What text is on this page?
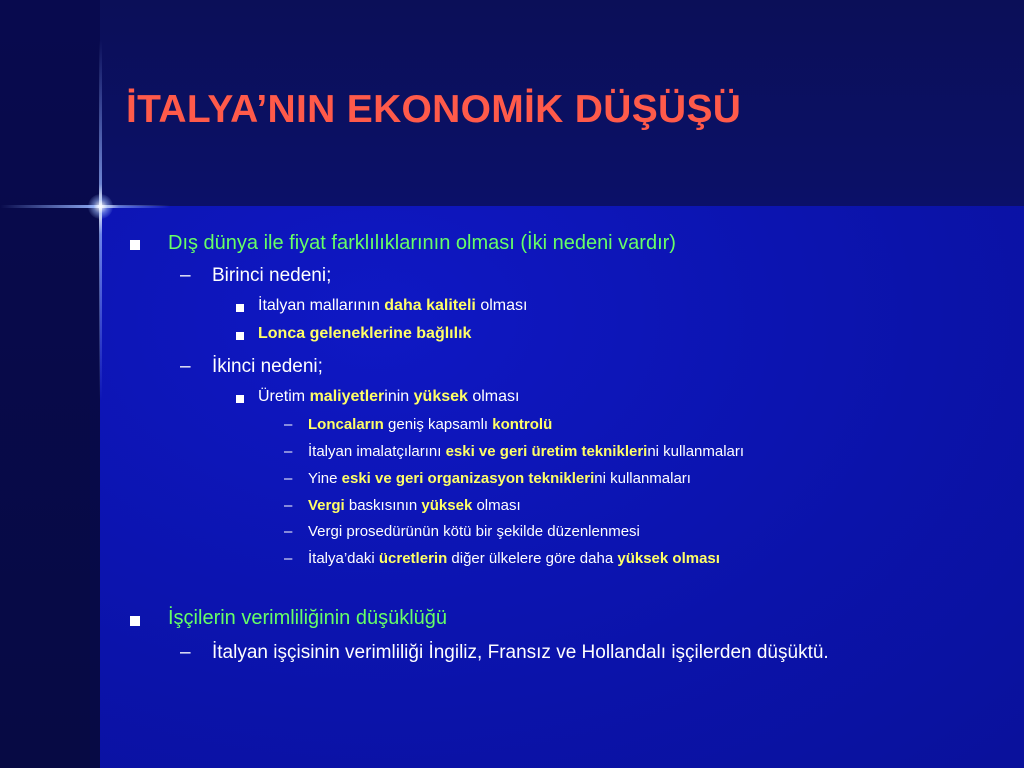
İTALYA’NIN EKONOMİK DÜŞÜŞÜ
Dış dünya ile fiyat farklılıklarının olması (İki nedeni vardır)
– Birinci nedeni;
İtalyan mallarının daha kaliteli olması
Lonca geleneklerine bağlılık
– İkinci nedeni;
Üretim maliyetlerinin yüksek olması
– Loncaların geniş kapsamlı kontrolü
– İtalyan imalatçılarını eski ve geri üretim tekniklerini kullanmaları
– Yine eski ve geri organizasyon tekniklerini kullanmaları
– Vergi baskısının yüksek olması
– Vergi prosedürünün kötü bir şekilde düzenlenmesi
– İtalya’daki ücretlerin diğer ülkelere göre daha yüksek olması
İşçilerin verimliliğinin düşüklüğü
– İtalyan işçisinin verimliliği İngiliz, Fransız ve Hollandalı işçilerden düşüktü.
